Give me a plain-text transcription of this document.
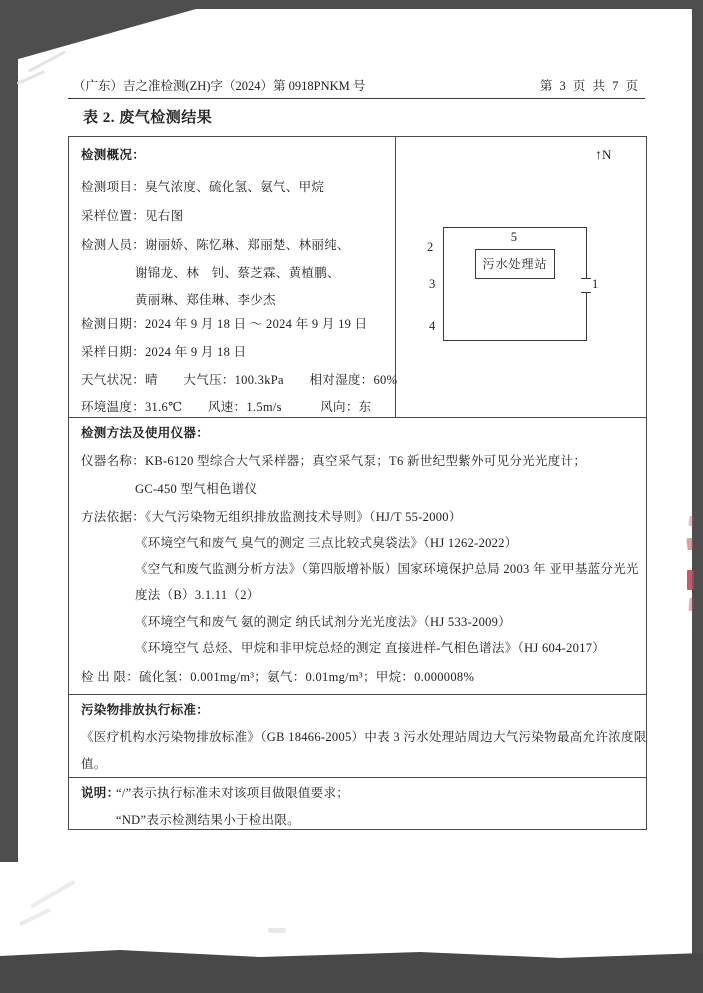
（广东）吉之准检测(ZH)字（2024）第 0918PNKM 号	第 3 页 共 7 页
表 2. 废气检测结果
检测概况：
检测项目：臭气浓度、硫化氢、氨气、甲烷
采样位置：见右图
检测人员：谢丽娇、陈忆琳、郑丽楚、林丽纯、
谢锦龙、林　钊、蔡芝霖、黄植鹏、
黄丽琳、郑佳琳、李少杰
检测日期：2024 年 9 月 18 日 ～ 2024 年 9 月 19 日
采样日期：2024 年 9 月 18 日
天气状况：晴　　大气压：100.3kPa　　相对湿度：60%
环境温度：31.6℃　　风速：1.5m/s　　　风向：东
↑N
5
污水处理站
2
3
4
1
检测方法及使用仪器：
仪器名称：KB-6120 型综合大气采样器；真空采气泵；T6 新世纪型紫外可见分光光度计；
GC-450 型气相色谱仪
方法依据：《大气污染物无组织排放监测技术导则》（HJ/T 55-2000）
《环境空气和废气 臭气的测定 三点比较式臭袋法》（HJ 1262-2022）
《空气和废气监测分析方法》（第四版增补版）国家环境保护总局 2003 年 亚甲基蓝分光光
度法（B）3.1.11（2）
《环境空气和废气 氨的测定 纳氏试剂分光光度法》（HJ 533-2009）
《环境空气 总烃、甲烷和非甲烷总烃的测定 直接进样-气相色谱法》（HJ 604-2017）
检 出 限：硫化氢：0.001mg/m³；氨气：0.01mg/m³；甲烷：0.000008%
污染物排放执行标准：
《医疗机构水污染物排放标准》（GB 18466-2005）中表 3 污水处理站周边大气污染物最高允许浓度限
值。
说明：
“/”表示执行标准未对该项目做限值要求；
“ND”表示检测结果小于检出限。
